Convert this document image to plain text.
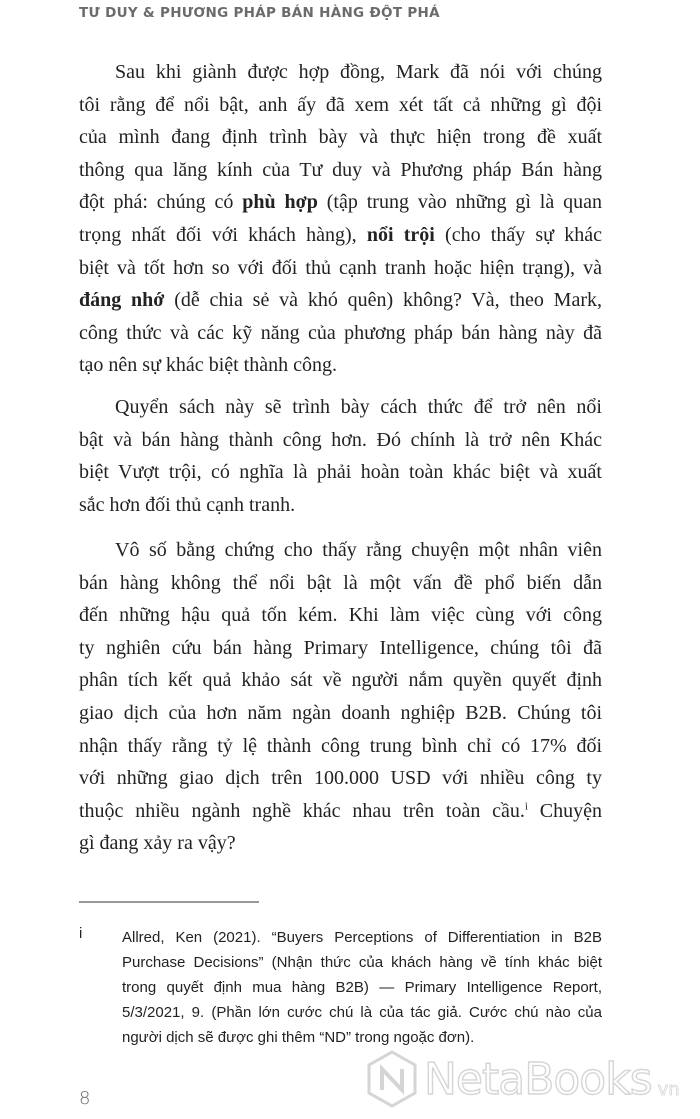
TƯ DUY & PHƯƠNG PHÁP BÁN HÀNG ĐỘT PHÁ
Sau khi giành được hợp đồng, Mark đã nói với chúng
tôi rằng để nổi bật, anh ấy đã xem xét tất cả những gì đội
của mình đang định trình bày và thực hiện trong đề xuất
thông qua lăng kính của Tư duy và Phương pháp Bán hàng
đột phá: chúng có phù hợp (tập trung vào những gì là quan
trọng nhất đối với khách hàng), nổi trội (cho thấy sự khác
biệt và tốt hơn so với đối thủ cạnh tranh hoặc hiện trạng), và
đáng nhớ (dễ chia sẻ và khó quên) không? Và, theo Mark,
công thức và các kỹ năng của phương pháp bán hàng này đã
tạo nên sự khác biệt thành công.
Quyển sách này sẽ trình bày cách thức để trở nên nổi
bật và bán hàng thành công hơn. Đó chính là trở nên Khác
biệt Vượt trội, có nghĩa là phải hoàn toàn khác biệt và xuất
sắc hơn đối thủ cạnh tranh.
Vô số bằng chứng cho thấy rằng chuyện một nhân viên
bán hàng không thể nổi bật là một vấn đề phổ biến dẫn
đến những hậu quả tốn kém. Khi làm việc cùng với công
ty nghiên cứu bán hàng Primary Intelligence, chúng tôi đã
phân tích kết quả khảo sát về người nắm quyền quyết định
giao dịch của hơn năm ngàn doanh nghiệp B2B. Chúng tôi
nhận thấy rằng tỷ lệ thành công trung bình chỉ có 17% đối
với những giao dịch trên 100.000 USD với nhiều công ty
thuộc nhiều ngành nghề khác nhau trên toàn cầu.$^i$ Chuyện
gì đang xảy ra vậy?
i	Allred, Ken (2021). “Buyers Perceptions of Differentiation in B2B
Purchase Decisions” (Nhận thức của khách hàng về tính khác biệt
trong quyết định mua hàng B2B) — Primary Intelligence Report,
5/3/2021, 9. (Phần lớn cước chú là của tác giả. Cước chú nào của
người dịch sẽ được ghi thêm “ND” trong ngoặc đơn).
8	NetaBooks vn
